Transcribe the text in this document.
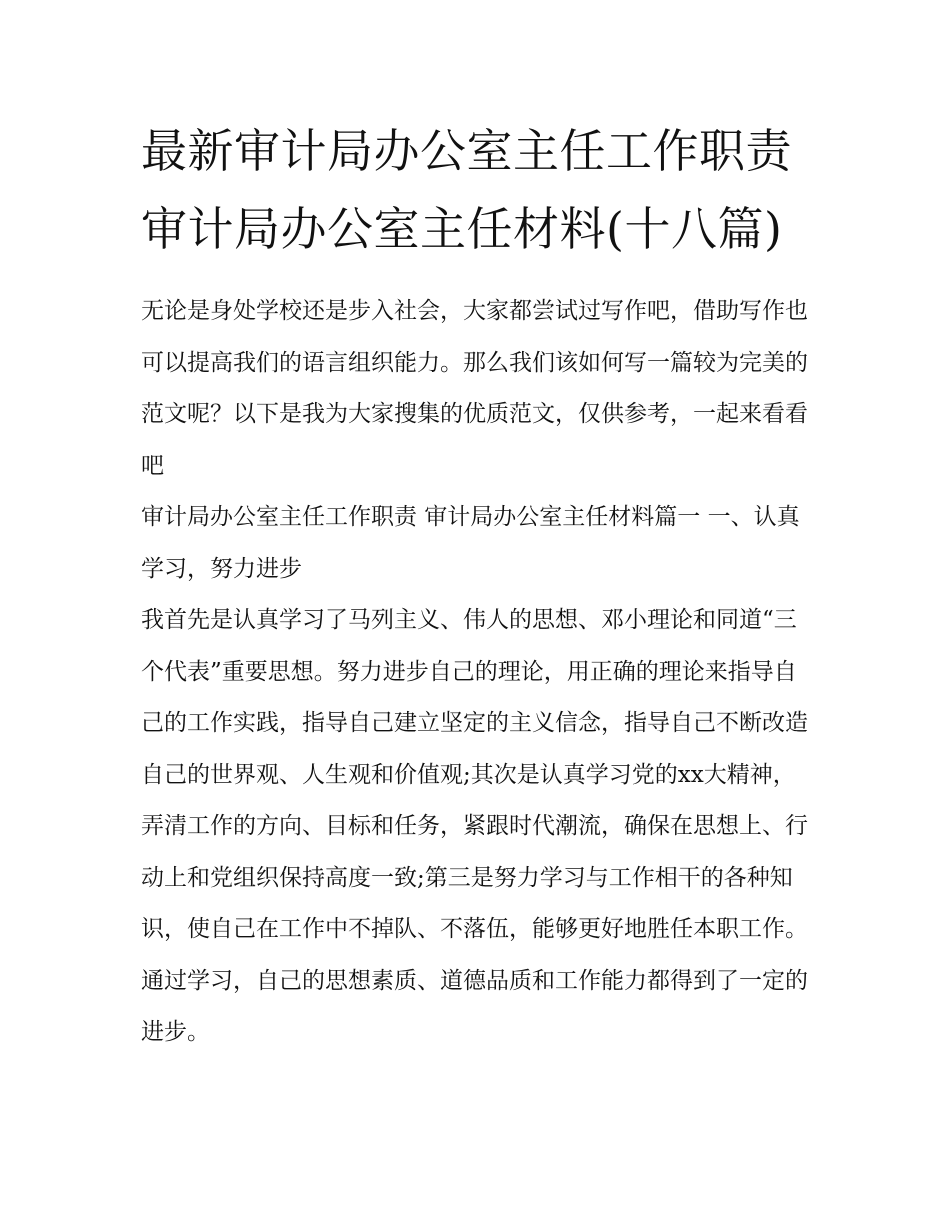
最新审计局办公室主任工作职责 审计局办公室主任材料(十八篇)

无论是身处学校还是步入社会，大家都尝试过写作吧，借助写作也可以提高我们的语言组织能力。那么我们该如何写一篇较为完美的范文呢？以下是我为大家搜集的优质范文，仅供参考，一起来看看吧

审计局办公室主任工作职责 审计局办公室主任材料篇一 一、认真学习，努力进步

我首先是认真学习了马列主义、伟人的思想、邓小理论和同道“三个代表”重要思想。努力进步自己的理论，用正确的理论来指导自己的工作实践，指导自己建立坚定的主义信念，指导自己不断改造自己的世界观、人生观和价值观;其次是认真学习党的xx大精神，弄清工作的方向、目标和任务，紧跟时代潮流，确保在思想上、行动上和党组织保持高度一致;第三是努力学习与工作相干的各种知识，使自己在工作中不掉队、不落伍，能够更好地胜任本职工作。通过学习，自己的思想素质、道德品质和工作能力都得到了一定的进步。
